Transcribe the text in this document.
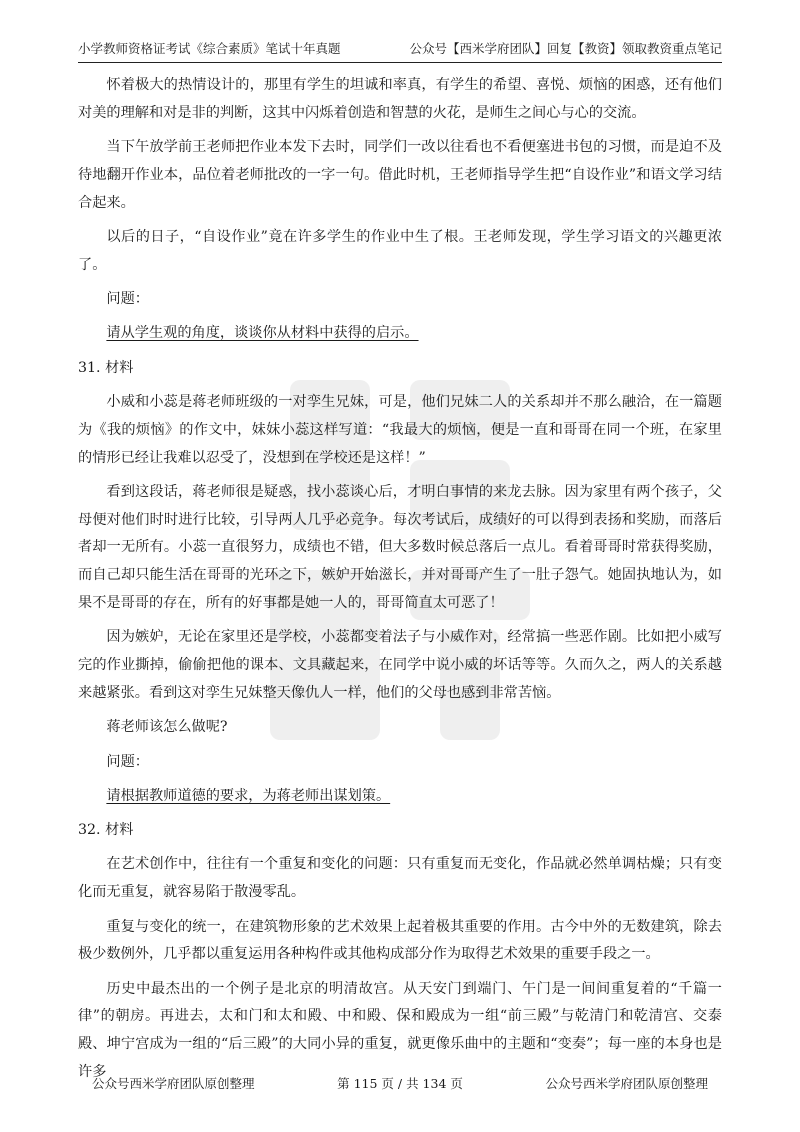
小学教师资格证考试《综合素质》笔试十年真题	公众号【西米学府团队】回复【教资】领取教资重点笔记

怀着极大的热情设计的，那里有学生的坦诚和率真，有学生的希望、喜悦、烦恼的困惑，还有他们对美的理解和对是非的判断，这其中闪烁着创造和智慧的火花，是师生之间心与心的交流。

当下午放学前王老师把作业本发下去时，同学们一改以往看也不看便塞进书包的习惯，而是迫不及待地翻开作业本，品位着老师批改的一字一句。借此时机，王老师指导学生把“自设作业”和语文学习结合起来。

以后的日子，“自设作业”竟在许多学生的作业中生了根。王老师发现，学生学习语文的兴趣更浓了。

问题：

请从学生观的角度，谈谈你从材料中获得的启示。

31. 材料

小威和小蕊是蒋老师班级的一对孪生兄妹，可是，他们兄妹二人的关系却并不那么融洽，在一篇题为《我的烦恼》的作文中，妹妹小蕊这样写道：“我最大的烦恼，便是一直和哥哥在同一个班，在家里的情形已经让我难以忍受了，没想到在学校还是这样！”

看到这段话，蒋老师很是疑惑，找小蕊谈心后，才明白事情的来龙去脉。因为家里有两个孩子，父母便对他们时时进行比较，引导两人几乎必竞争。每次考试后，成绩好的可以得到表扬和奖励，而落后者却一无所有。小蕊一直很努力，成绩也不错，但大多数时候总落后一点儿。看着哥哥时常获得奖励，而自己却只能生活在哥哥的光环之下，嫉妒开始滋长，并对哥哥产生了一肚子怨气。她固执地认为，如果不是哥哥的存在，所有的好事都是她一人的，哥哥简直太可恶了！

因为嫉妒，无论在家里还是学校，小蕊都变着法子与小威作对，经常搞一些恶作剧。比如把小威写完的作业撕掉，偷偷把他的课本、文具藏起来，在同学中说小威的坏话等等。久而久之，两人的关系越来越紧张。看到这对孪生兄妹整天像仇人一样，他们的父母也感到非常苦恼。

蒋老师该怎么做呢?

问题：

请根据教师道德的要求，为蒋老师出谋划策。

32. 材料

在艺术创作中，往往有一个重复和变化的问题：只有重复而无变化，作品就必然单调枯燥；只有变化而无重复，就容易陷于散漫零乱。

重复与变化的统一，在建筑物形象的艺术效果上起着极其重要的作用。古今中外的无数建筑，除去极少数例外，几乎都以重复运用各种构件或其他构成部分作为取得艺术效果的重要手段之一。

历史中最杰出的一个例子是北京的明清故宫。从天安门到端门、午门是一间间重复着的“千篇一律”的朝房。再进去，太和门和太和殿、中和殿、保和殿成为一组“前三殿”与乾清门和乾清宫、交泰殿、坤宁宫成为一组的“后三殿”的大同小异的重复，就更像乐曲中的主题和“变奏”；每一座的本身也是许多

公众号西米学府团队原创整理	第 115 页 / 共 134 页	公众号西米学府团队原创整理
